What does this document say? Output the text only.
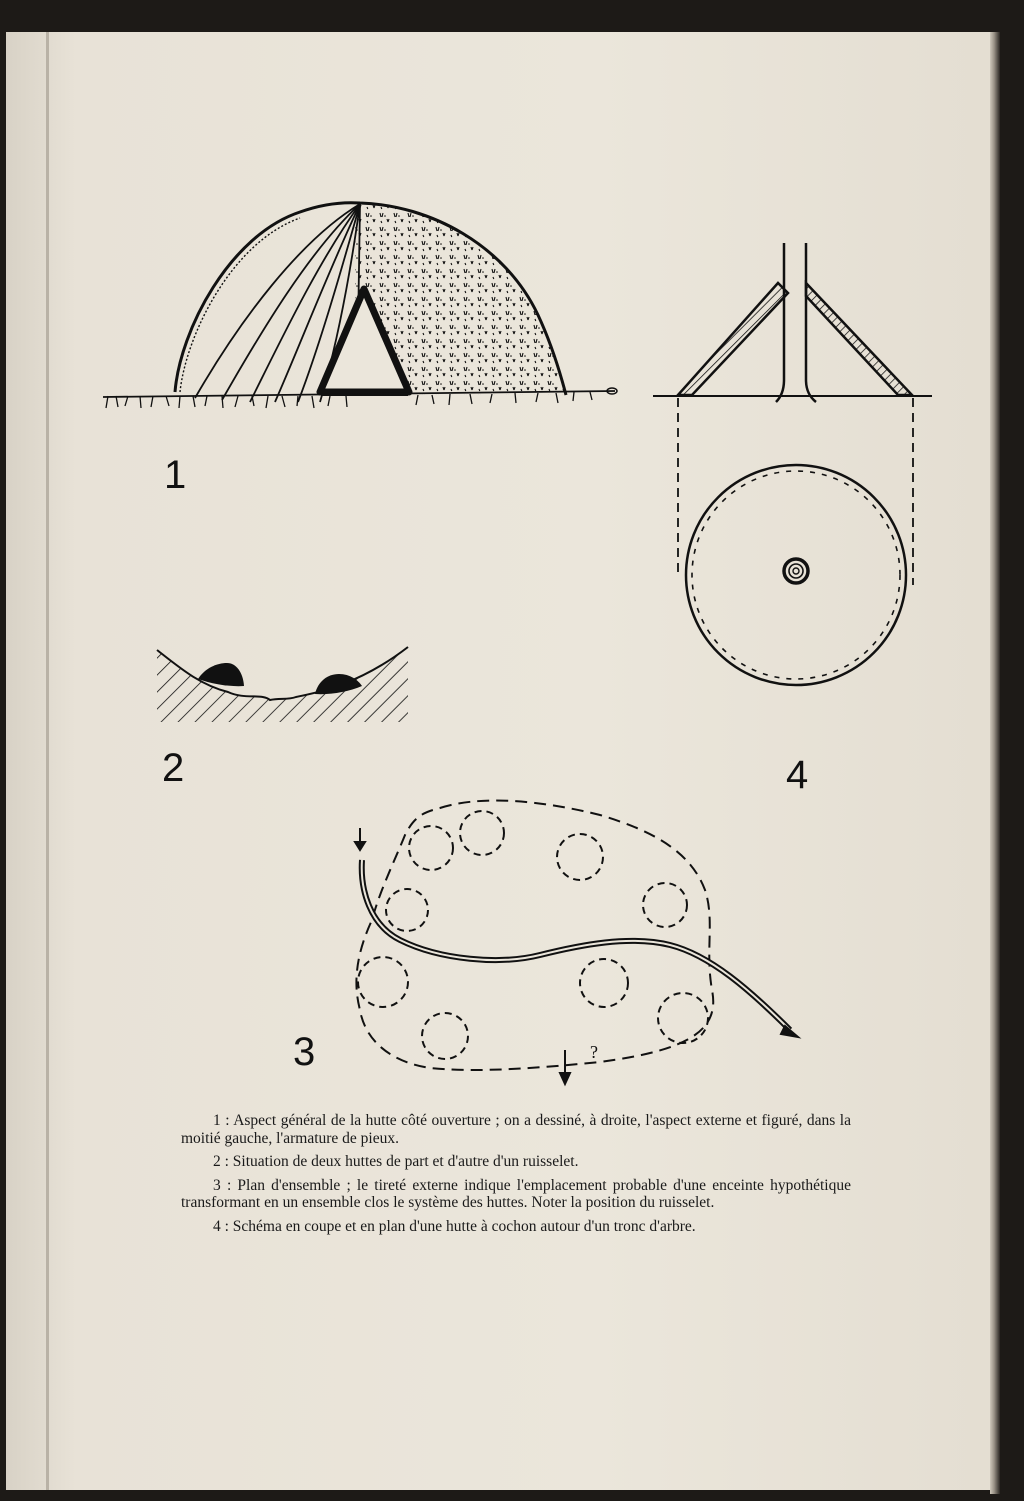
?
1
2
3
4

1 : Aspect général de la hutte côté ouverture ; on a dessiné, à droite, l'aspect externe et figuré, dans la moitié gauche, l'armature de pieux.

2 : Situation de deux huttes de part et d'autre d'un ruisselet.

3 : Plan d'ensemble ; le tireté externe indique l'emplacement probable d'une enceinte hypothétique transformant en un ensemble clos le système des huttes. Noter la position du ruisselet.

4 : Schéma en coupe et en plan d'une hutte à cochon autour d'un tronc d'arbre.
